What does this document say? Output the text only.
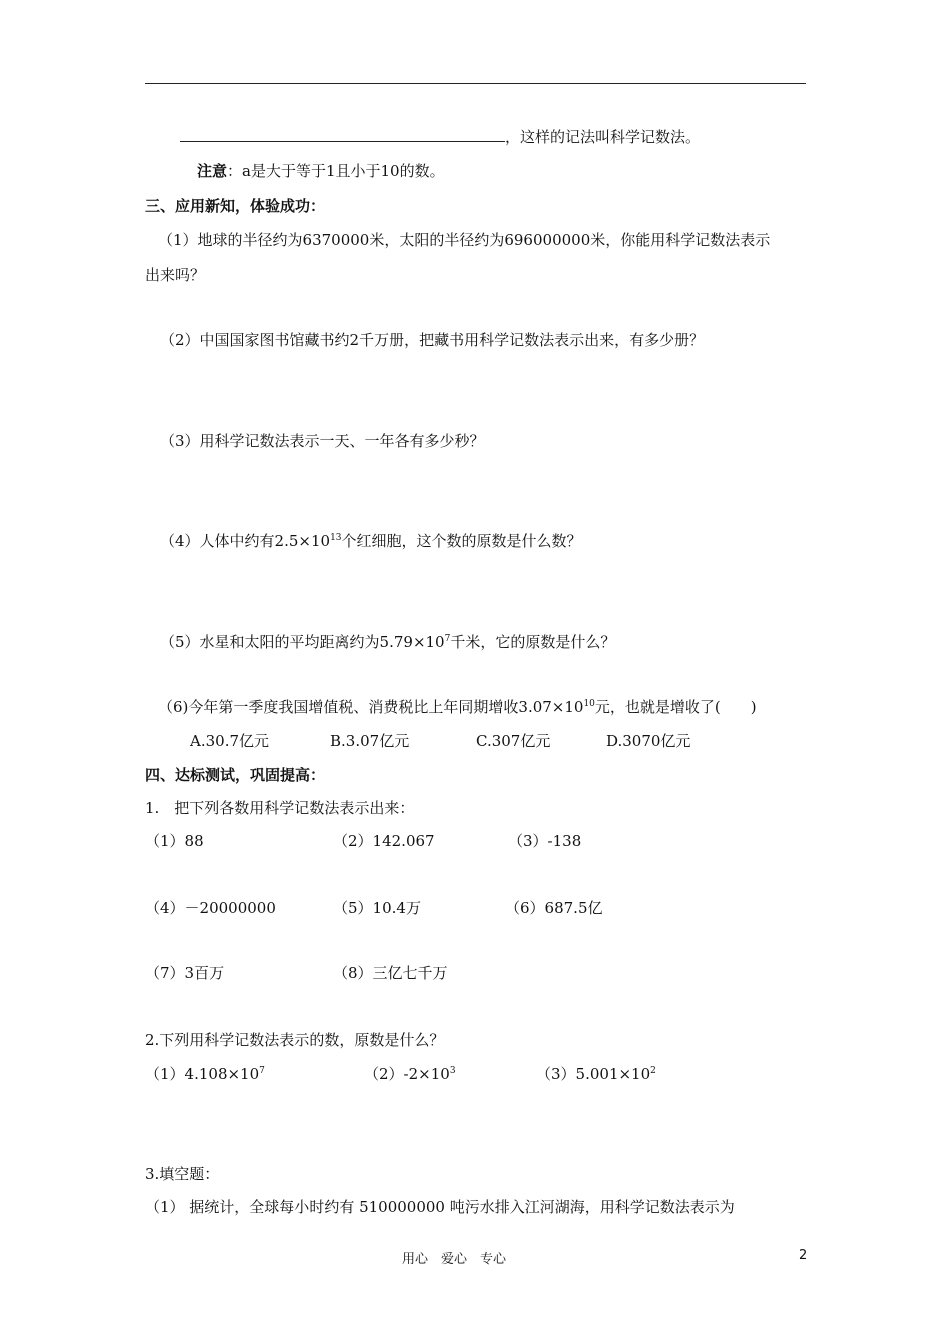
，这样的记法叫科学记数法。
注意：a是大于等于1且小于10的数。
三、应用新知，体验成功：
（1）地球的半径约为6370000米，太阳的半径约为696000000米，你能用科学记数法表示
出来吗？
（2）中国国家图书馆藏书约2千万册，把藏书用科学记数法表示出来，有多少册？
（3）用科学记数法表示一天、一年各有多少秒？
（4）人体中约有$2.5\times 10^{13}$个红细胞，这个数的原数是什么数？
（5）水星和太阳的平均距离约为$5.79\times 10^7$千米，它的原数是什么？
（6)今年第一季度我国增值税、消费税比上年同期增收$3.07\times 10^{10}$元，也就是增收了(　　)
A.30.7亿元	B.3.07亿元	C.307亿元	D.3070亿元
四、达标测试，巩固提高：
1.　把下列各数用科学记数法表示出来：
（1）88	（2）142.067	（3）-138
（4）－20000000	（5）10.4万	（6）687.5亿
（7）3百万	（8）三亿七千万
2.下列用科学记数法表示的数，原数是什么？
$(1)4.108\times 10^7$	$(2)-2\times 10^3$	$(3)5.001\times 10^2$
3.填空题：
（1） 据统计，全球每小时约有 510000000 吨污水排入江河湖海，用科学记数法表示为
用心　爱心　专心	2
